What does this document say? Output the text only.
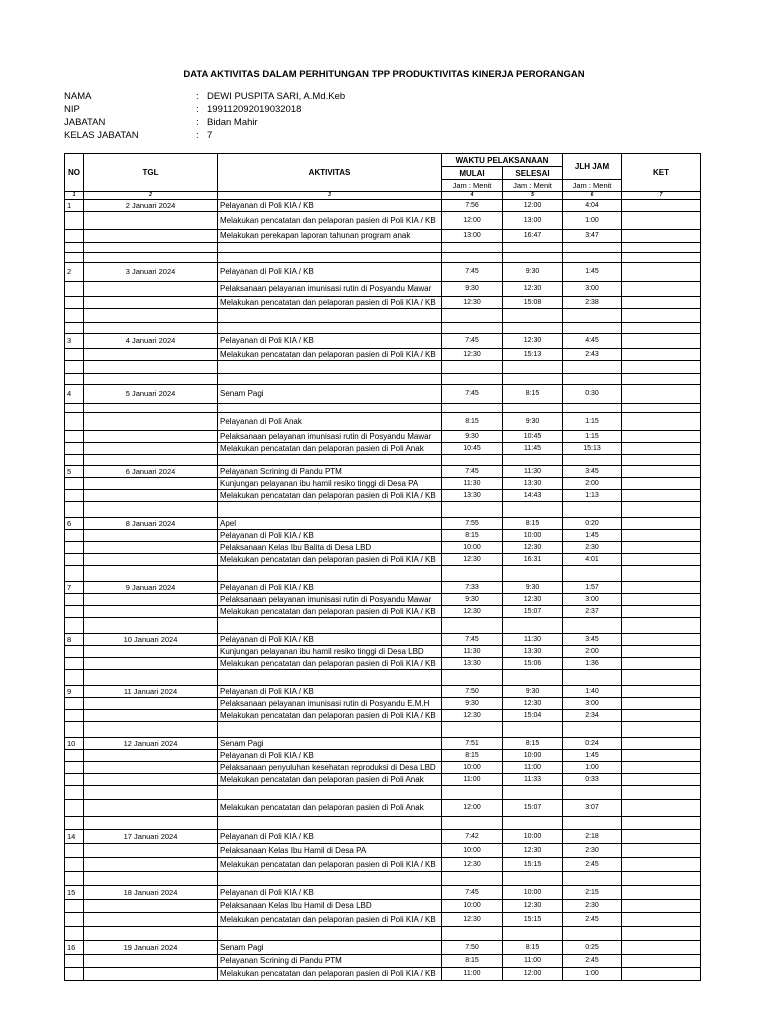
DATA AKTIVITAS DALAM PERHITUNGAN TPP PRODUKTIVITAS KINERJA PERORANGAN
NAMA	: DEWI PUSPITA SARI, A.Md.Keb
NIP	: 199112092019032018
JABATAN	: Bidan Mahir
KELAS JABATAN	: 7
NO	TGL	AKTIVITAS	WAKTU PELAKSANAAN		JLH JAM	KET
			MULAI	SELESAI		
			Jam : Menit	Jam : Menit	Jam : Menit	
1	2	3	4	5	6	7
1	2 Januari 2024	Pelayanan di Poli KIA / KB	7:56	12:00	4:04	
		Melakukan pencatatan dan pelaporan pasien di Poli KIA / KB	12:00	13:00	1:00	
		Melakukan perekapan laporan tahunan program anak	13:00	16:47	3:47	

2	3 Januari 2024	Pelayanan di Poli KIA / KB	7:45	9:30	1:45	
		Pelaksanaan pelayanan imunisasi rutin di Posyandu Mawar	9:30	12:30	3:00	
		Melakukan pencatatan dan pelaporan pasien di Poli KIA / KB	12:30	15:08	2:38	

3	4 Januari 2024	Pelayanan di Poli KIA / KB	7:45	12:30	4:45	
		Melakukan pencatatan dan pelaporan pasien di Poli KIA / KB	12:30	15:13	2:43	

4	5 Januari 2024	Senam Pagi	7:45	8:15	0:30	

		Pelayanan di Poli Anak	8:15	9:30	1:15	
		Pelaksanaan pelayanan imunisasi rutin di Posyandu Mawar	9:30	10:45	1:15	
		Melakukan pencatatan dan pelaporan pasien di Poli Anak	10:45	11:45	15:13	

5	6 Januari 2024	Pelayanan Scrining di Pandu PTM	7:45	11:30	3:45	
		Kunjungan pelayanan ibu hamil resiko tinggi di Desa PA	11:30	13:30	2:00	
		Melakukan pencatatan dan pelaporan pasien di Poli KIA / KB	13:30	14:43	1:13	

6	8 Januari 2024	Apel	7:55	8:15	0:20	
		Pelayanan di Poli KIA / KB	8:15	10:00	1:45	
		Pelaksanaan Kelas Ibu Balita di Desa LBD	10:00	12:30	2:30	
		Melakukan pencatatan dan pelaporan pasien di Poli KIA / KB	12:30	16:31	4:01	

7	9 Januari 2024	Pelayanan di Poli KIA / KB	7:33	9:30	1:57	
		Pelaksanaan pelayanan imunisasi rutin di Posyandu Mawar	9:30	12:30	3:00	
		Melakukan pencatatan dan pelaporan pasien di Poli KIA / KB	12:30	15:07	2:37	

8	10 Januari 2024	Pelayanan di Poli KIA / KB	7:45	11:30	3:45	
		Kunjungan pelayanan ibu hamil resiko tinggi di Desa LBD	11:30	13:30	2:00	
		Melakukan pencatatan dan pelaporan pasien di Poli KIA / KB	13:30	15:06	1:36	

9	11 Januari 2024	Pelayanan di Poli KIA / KB	7:50	9:30	1:40	
		Pelaksanaan pelayanan imunisasi rutin di Posyandu E.M.H	9:30	12:30	3:00	
		Melakukan pencatatan dan pelaporan pasien di Poli KIA / KB	12:30	15:04	2:34	

10	12 Januari 2024	Senam Pagi	7:51	8:15	0:24	
		Pelayanan di Poli KIA / KB	8:15	10:00	1:45	
		Pelaksanaan penyuluhan kesehatan reproduksi di Desa LBD	10:00	11:00	1:00	
		Melakukan pencatatan dan pelaporan pasien di Poli Anak	11:00	11:33	0:33	

		Melakukan pencatatan dan pelaporan pasien di Poli Anak	12:00	15:07	3:07	

14	17 Januari 2024	Pelayanan di Poli KIA / KB	7:42	10:00	2:18	
		Pelaksanaan Kelas Ibu Hamil di Desa PA	10:00	12:30	2:30	
		Melakukan pencatatan dan pelaporan pasien di Poli KIA / KB	12:30	15:15	2:45	

15	18 Januari 2024	Pelayanan di Poli KIA / KB	7:45	10:00	2:15	
		Pelaksanaan Kelas Ibu Hamil di Desa LBD	10:00	12:30	2:30	
		Melakukan pencatatan dan pelaporan pasien di Poli KIA / KB	12:30	15:15	2:45	

16	19 Januari 2024	Senam Pagi	7:50	8:15	0:25	
		Pelayanan Scrining di Pandu PTM	8:15	11:00	2:45	
		Melakukan pencatatan dan pelaporan pasien di Poli KIA / KB	11:00	12:00	1:00	
